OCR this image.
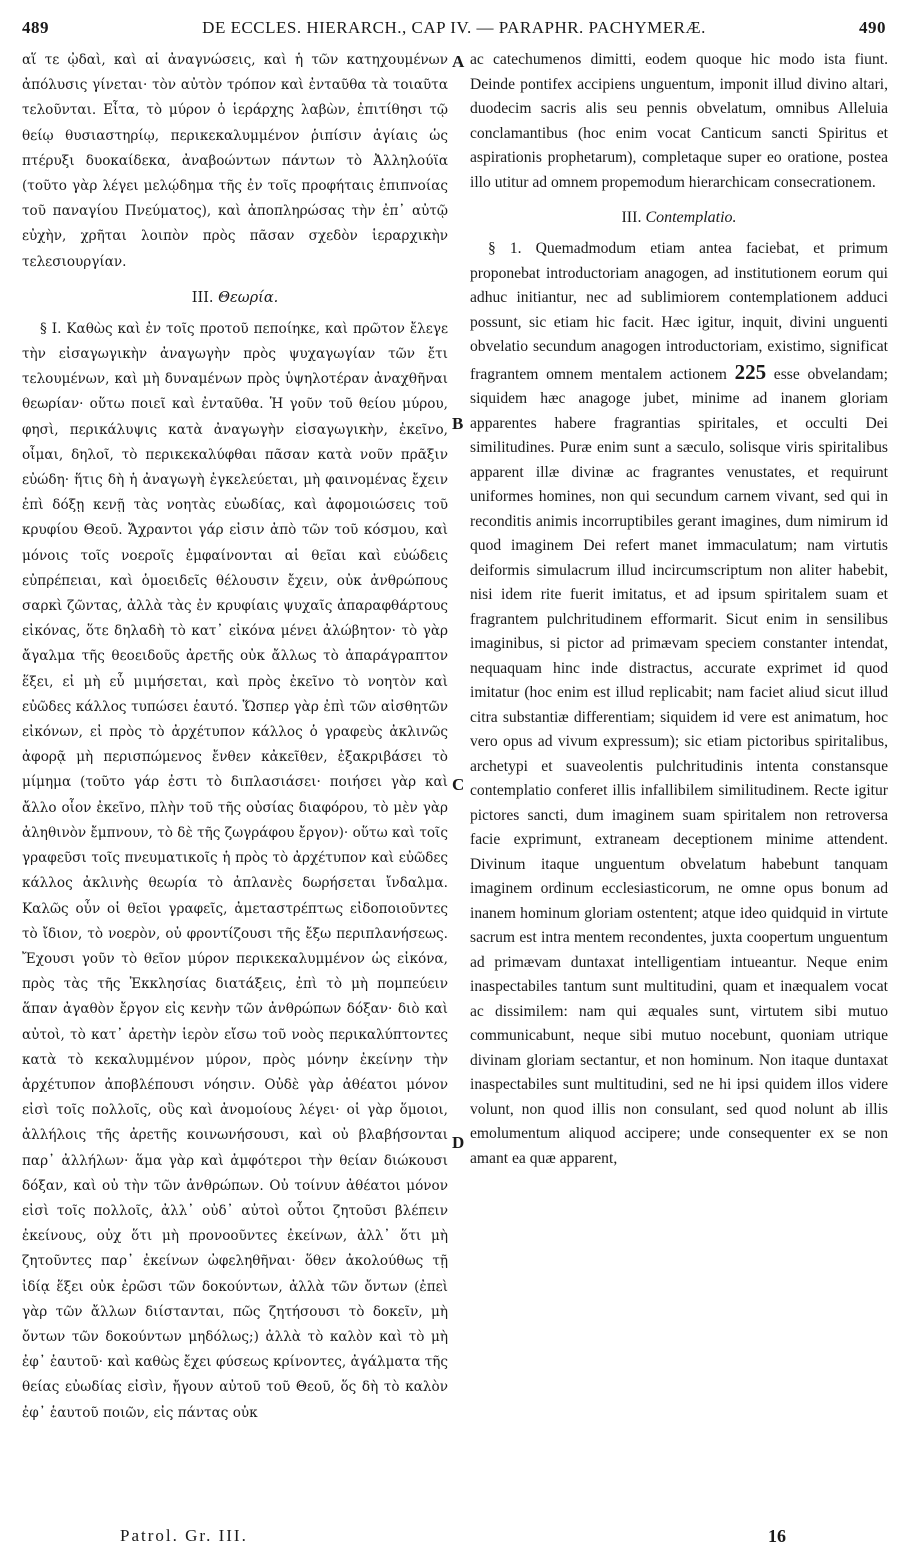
489	DE ECCLES. HIERARCH., CAP IV. — PARAPHR. PACHYMERÆ.	490

αἵ τε ᾠδαὶ, καὶ αἱ ἀναγνώσεις, καὶ ἡ τῶν κατηχουμένων ἀπόλυσις γίνεται· τὸν αὐτὸν τρόπον καὶ ἐνταῦθα τὰ τοιαῦτα τελοῦνται. Εἶτα, τὸ μύρον ὁ ἱεράρχης λαβὼν, ἐπιτίθησι τῷ θείῳ θυσιαστηρίῳ, περικεκαλυμμένον ῥιπίσιν ἁγίαις ὡς πτέρυξι δυοκαίδεκα, ἀναβοώντων πάντων τὸ Ἀλληλούϊα (τοῦτο γὰρ λέγει μελῴδημα τῆς ἐν τοῖς προφήταις ἐπιπνοίας τοῦ παναγίου Πνεύματος), καὶ ἀποπληρώσας τὴν ἐπ᾽ αὐτῷ εὐχὴν, χρῆται λοιπὸν πρὸς πᾶσαν σχεδὸν ἱεραρχικὴν τελεσιουργίαν.

III. Θεωρία.

§ I. Καθὼς καὶ ἐν τοῖς προτοῦ πεποίηκε, καὶ πρῶτον ἔλεγε τὴν εἰσαγωγικὴν ἀναγωγὴν πρὸς ψυχαγωγίαν τῶν ἔτι τελουμένων, καὶ μὴ δυναμένων πρὸς ὑψηλοτέραν ἀναχθῆναι θεωρίαν· οὕτω ποιεῖ καὶ ἐνταῦθα. Ἡ γοῦν τοῦ θείου μύρου, φησὶ, περικάλυψις κατὰ ἀναγωγὴν εἰσαγωγικὴν, ἐκεῖνο, οἶμαι, δηλοῖ, τὸ περικεκαλύφθαι πᾶσαν κατὰ νοῦν πρᾶξιν εὐώδη· ἥτις δὴ ἡ ἀναγωγὴ ἐγκελεύεται, μὴ φαινομένας ἔχειν ἐπὶ δόξῃ κενῇ τὰς νοητὰς εὐωδίας, καὶ ἀφομοιώσεις τοῦ κρυφίου Θεοῦ. Ἄχραντοι γάρ εἰσιν ἀπὸ τῶν τοῦ κόσμου, καὶ μόνοις τοῖς νοεροῖς ἐμφαίνονται αἱ θεῖαι καὶ εὐώδεις εὐπρέπειαι, καὶ ὁμοειδεῖς θέλουσιν ἔχειν, οὐκ ἀνθρώπους σαρκὶ ζῶντας, ἀλλὰ τὰς ἐν κρυφίαις ψυχαῖς ἀπαραφθάρτους εἰκόνας, ὅτε δηλαδὴ τὸ κατ᾽ εἰκόνα μένει ἀλώβητον· τὸ γὰρ ἄγαλμα τῆς θεοειδοῦς ἀρετῆς οὐκ ἄλλως τὸ ἀπαράγραπτον ἕξει, εἰ μὴ εὖ μιμήσεται, καὶ πρὸς ἐκεῖνο τὸ νοητὸν καὶ εὐῶδες κάλλος τυπώσει ἑαυτό. Ὥσπερ γὰρ ἐπὶ τῶν αἰσθητῶν εἰκόνων, εἰ πρὸς τὸ ἀρχέτυπον κάλλος ὁ γραφεὺς ἀκλινῶς ἀφορᾷ μὴ περισπώμενος ἔνθεν κἀκεῖθεν, ἐξακριβάσει τὸ μίμημα (τοῦτο γάρ ἐστι τὸ διπλασιάσει· ποιήσει γὰρ καὶ ἄλλο οἷον ἐκεῖνο, πλὴν τοῦ τῆς οὐσίας διαφόρου, τὸ μὲν γὰρ ἀληθινὸν ἔμπνουν, τὸ δὲ τῆς ζωγράφου ἔργον)· οὕτω καὶ τοῖς γραφεῦσι τοῖς πνευματικοῖς ἡ πρὸς τὸ ἀρχέτυπον καὶ εὐῶδες κάλλος ἀκλινὴς θεωρία τὸ ἀπλανὲς δωρήσεται ἴνδαλμα. Καλῶς οὖν οἱ θεῖοι γραφεῖς, ἀμεταστρέπτως εἰδοποιοῦντες τὸ ἴδιον, τὸ νοερὸν, οὐ φροντίζουσι τῆς ἔξω περιπλανήσεως. Ἔχουσι γοῦν τὸ θεῖον μύρον περικεκαλυμμένον ὡς εἰκόνα, πρὸς τὰς τῆς Ἐκκλησίας διατάξεις, ἐπὶ τὸ μὴ πομπεύειν ἅπαν ἀγαθὸν ἔργον εἰς κενὴν τῶν ἀνθρώπων δόξαν· διὸ καὶ αὐτοὶ, τὸ κατ᾽ ἀρετὴν ἱερὸν εἴσω τοῦ νοὸς περικαλύπτοντες κατὰ τὸ κεκαλυμμένον μύρον, πρὸς μόνην ἐκείνην τὴν ἀρχέτυπον ἀποβλέπουσι νόησιν. Οὐδὲ γὰρ ἀθέατοι μόνον εἰσὶ τοῖς πολλοῖς, οὓς καὶ ἀνομοίους λέγει· οἱ γὰρ ὅμοιοι, ἀλλήλοις τῆς ἀρετῆς κοινωνήσουσι, καὶ οὐ βλαβήσονται παρ᾽ ἀλλήλων· ἅμα γὰρ καὶ ἀμφότεροι τὴν θείαν διώκουσι δόξαν, καὶ οὐ τὴν τῶν ἀνθρώπων. Οὐ τοίνυν ἀθέατοι μόνον εἰσὶ τοῖς πολλοῖς, ἀλλ᾽ οὐδ᾽ αὐτοὶ οὗτοι ζητοῦσι βλέπειν ἐκείνους, οὐχ ὅτι μὴ προνοοῦντες ἐκείνων, ἀλλ᾽ ὅτι μὴ ζητοῦντες παρ᾽ ἐκείνων ὠφεληθῆναι· ὅθεν ἀκολούθως τῇ ἰδίᾳ ἕξει οὐκ ἐρῶσι τῶν δοκούντων, ἀλλὰ τῶν ὄντων (ἐπεὶ γὰρ τῶν ἄλλων διίστανται, πῶς ζητήσουσι τὸ δοκεῖν, μὴ ὄντων τῶν δοκούντων μηδόλως;) ἀλλὰ τὸ καλὸν καὶ τὸ μὴ ἐφ᾽ ἑαυτοῦ· καὶ καθὼς ἔχει φύσεως κρίνοντες, ἀγάλματα τῆς θείας εὐωδίας εἰσὶν, ἤγουν αὐτοῦ τοῦ Θεοῦ, ὅς δὴ τὸ καλὸν ἐφ᾽ ἑαυτοῦ ποιῶν, εἰς πάντας οὐκ

ac catechumenos dimitti, eodem quoque hic modo ista fiunt. Deinde pontifex accipiens unguentum, imponit illud divino altari, duodecim sacris alis seu pennis obvelatum, omnibus Alleluia conclamantibus (hoc enim vocat Canticum sancti Spiritus et aspirationis prophetarum), completaque super eo oratione, postea illo utitur ad omnem propemodum hierarchicam consecrationem.

III. Contemplatio.

§ 1. Quemadmodum etiam antea faciebat, et primum proponebat introductoriam anagogen, ad institutionem eorum qui adhuc initiantur, nec ad sublimiorem contemplationem adduci possunt, sic etiam hic facit. Hæc igitur, inquit, divini unguenti obvelatio secundum anagogen introductoriam, existimo, significat fragrantem omnem mentalem actionem 225 esse obvelandam; siquidem hæc anagoge jubet, minime ad inanem gloriam apparentes habere fragrantias spiritales, et occulti Dei similitudines. Puræ enim sunt a sæculo, solisque viris spiritalibus apparent illæ divinæ ac fragrantes venustates, et requirunt uniformes homines, non qui secundum carnem vivant, sed qui in reconditis animis incorruptibiles gerant imagines, dum nimirum id quod imaginem Dei refert manet immaculatum; nam virtutis deiformis simulacrum illud incircumscriptum non aliter habebit, nisi idem rite fuerit imitatus, et ad ipsum spiritalem suam et fragrantem pulchritudinem efformarit. Sicut enim in sensilibus imaginibus, si pictor ad primævam speciem constanter intendat, nequaquam hinc inde distractus, accurate exprimet id quod imitatur (hoc enim est illud replicabit; nam faciet aliud sicut illud citra substantiæ differentiam; siquidem id vere est animatum, hoc vero opus ad vivum expressum); sic etiam pictoribus spiritalibus, archetypi et suaveolentis pulchritudinis intenta constansque contemplatio conferet illis infallibilem similitudinem. Recte igitur pictores sancti, dum imaginem suam spiritalem non retroversa facie exprimunt, extraneam deceptionem minime attendent. Divinum itaque unguentum obvelatum habebunt tanquam imaginem ordinum ecclesiasticorum, ne omne opus bonum ad inanem hominum gloriam ostentent; atque ideo quidquid in virtute sacrum est intra mentem recondentes, juxta coopertum unguentum ad primævam duntaxat intelligentiam intueantur. Neque enim inaspectabiles tantum sunt multitudini, quam et inæqualem vocat ac dissimilem: nam qui æquales sunt, virtutem sibi mutuo communicabunt, neque sibi mutuo nocebunt, quoniam utrique divinam gloriam sectantur, et non hominum. Non itaque duntaxat inaspectabiles sunt multitudini, sed ne hi ipsi quidem illos videre volunt, non quod illis non consulant, sed quod nolunt ab illis emolumentum aliquod accipere; unde consequenter ex se non amant ea quæ apparent,

A
B
C
D
Patrol. Gr. III.	16
